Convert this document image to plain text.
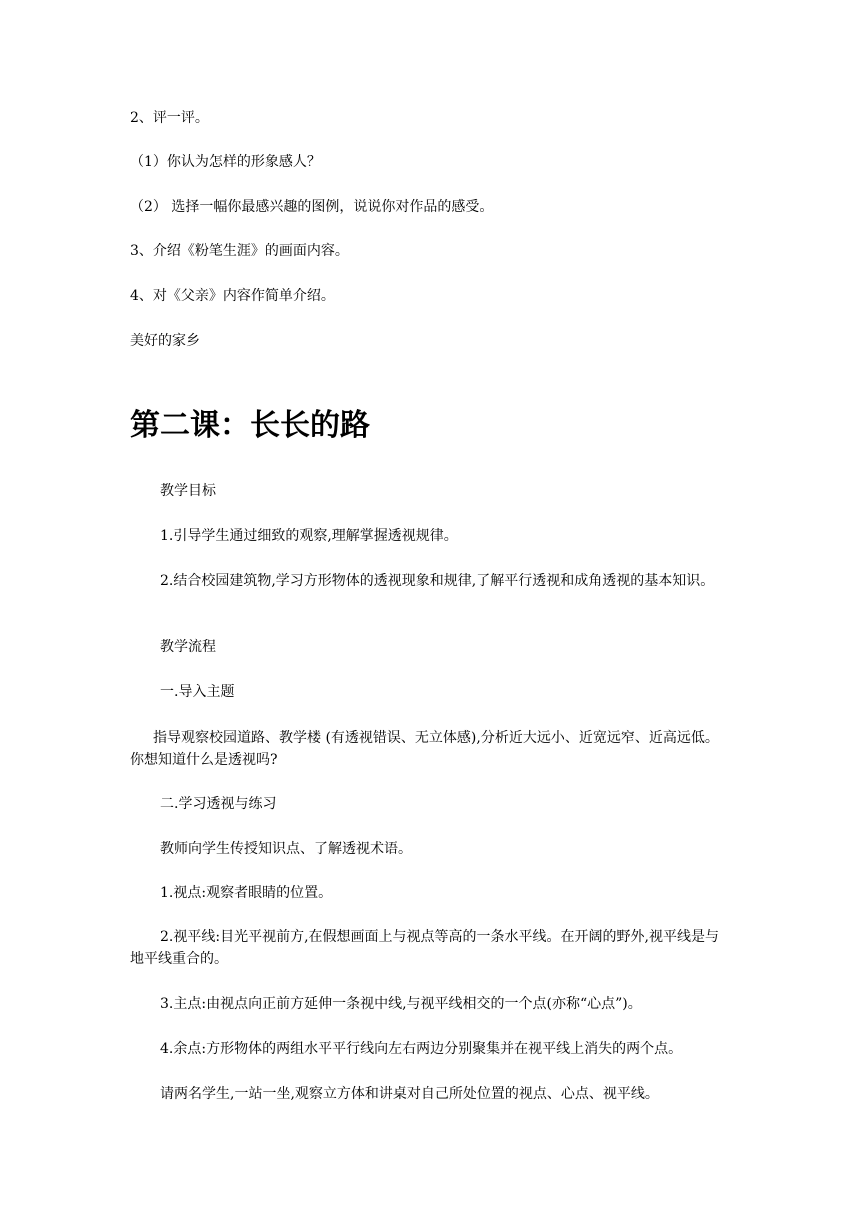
2、评一评。

（1）你认为怎样的形象感人？

（2） 选择一幅你最感兴趣的图例，说说你对作品的感受。

3、介绍《粉笔生涯》的画面内容。

4、对《父亲》内容作简单介绍。

美好的家乡

第二课：长长的路

教学目标

1.引导学生通过细致的观察,理解掌握透视规律。

2.结合校园建筑物,学习方形物体的透视现象和规律,了解平行透视和成角透视的基本知识。

教学流程

一.导入主题

指导观察校园道路、教学楼 (有透视错误、无立体感),分析近大远小、近宽远窄、近高远低。你想知道什么是透视吗?

二.学习透视与练习

教师向学生传授知识点、了解透视术语。

1.视点:观察者眼睛的位置。

2.视平线:目光平视前方,在假想画面上与视点等高的一条水平线。在开阔的野外,视平线是与地平线重合的。

3.主点:由视点向正前方延伸一条视中线,与视平线相交的一个点(亦称“心点”)。

4.余点:方形物体的两组水平平行线向左右两边分别聚集并在视平线上消失的两个点。

请两名学生,一站一坐,观察立方体和讲桌对自己所处位置的视点、心点、视平线。
